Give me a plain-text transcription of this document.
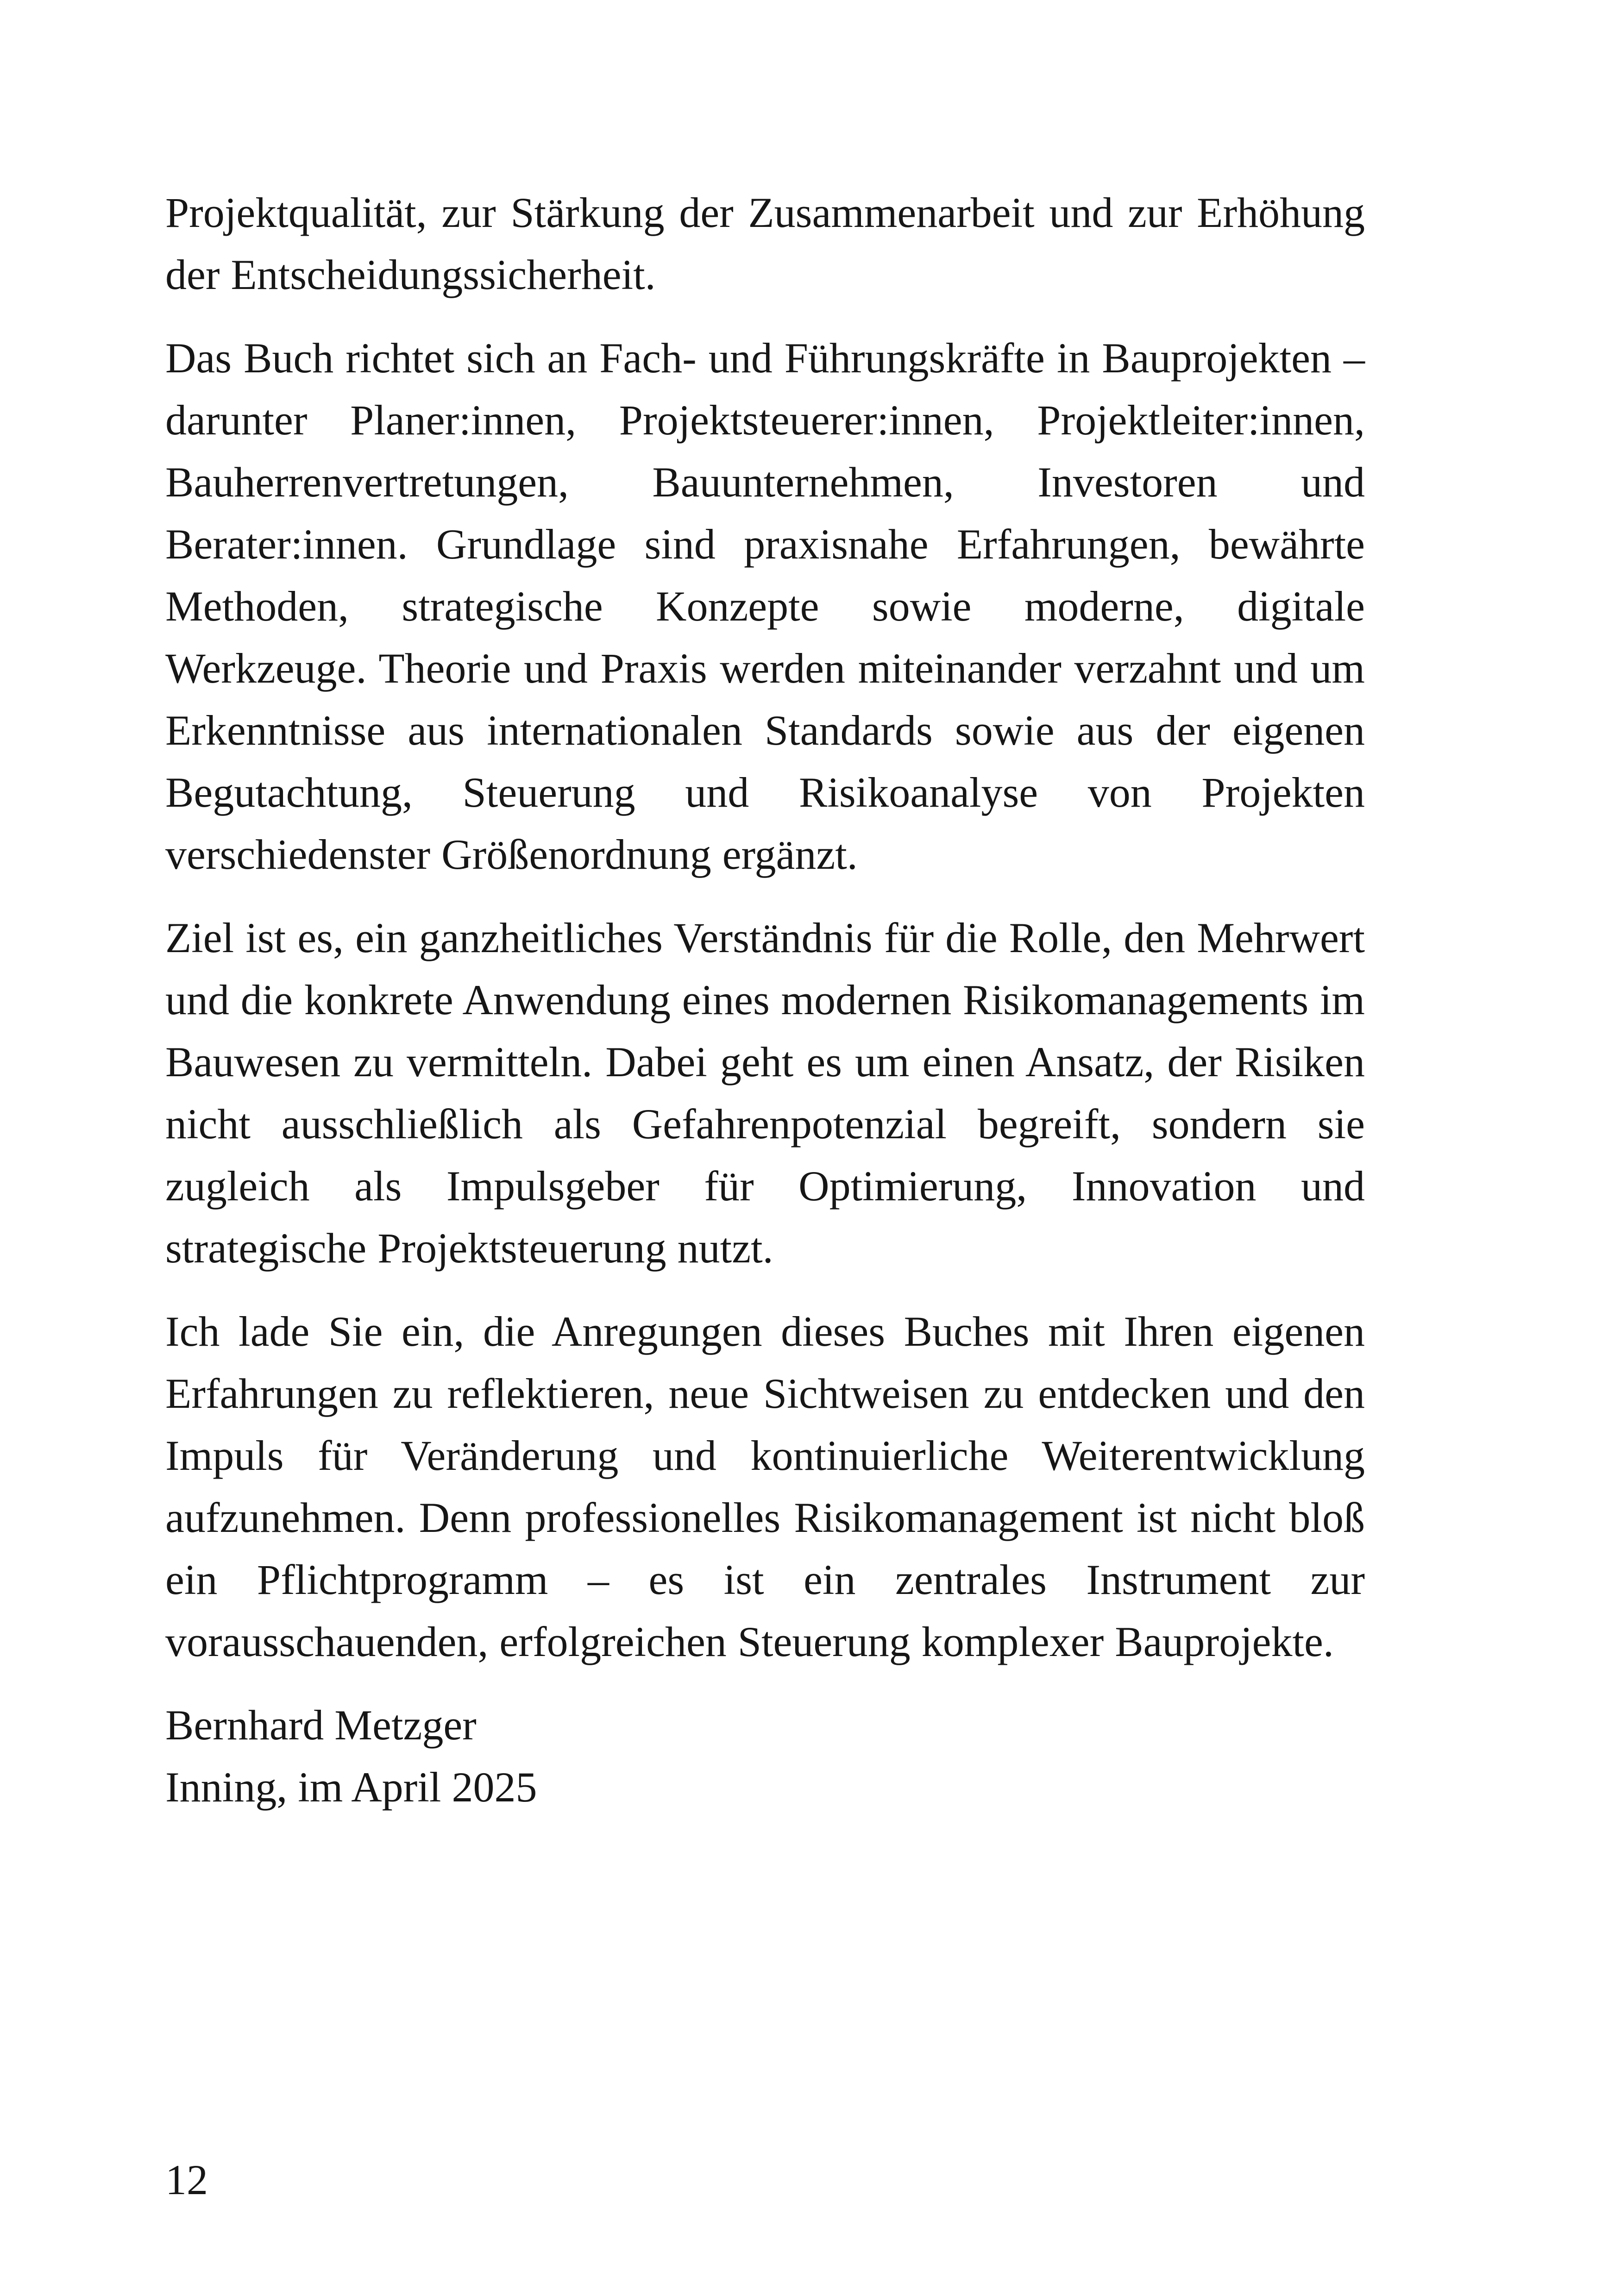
Projektqualität, zur Stärkung der Zusammenarbeit und zur Erhöhung der Entscheidungssicherheit.

Das Buch richtet sich an Fach- und Führungskräfte in Bauprojekten – darunter Planer:innen, Projektsteuerer:innen, Projektleiter:innen, Bauherrenvertretungen, Bauunternehmen, Investoren und Berater:innen. Grundlage sind praxisnahe Erfahrungen, bewährte Methoden, strategische Konzepte sowie moderne, digitale Werkzeuge. Theorie und Praxis werden miteinander verzahnt und um Erkenntnisse aus internationalen Standards sowie aus der eigenen Begutachtung, Steuerung und Risikoanalyse von Projekten verschiedenster Größenordnung ergänzt.

Ziel ist es, ein ganzheitliches Verständnis für die Rolle, den Mehrwert und die konkrete Anwendung eines modernen Risikomanagements im Bauwesen zu vermitteln. Dabei geht es um einen Ansatz, der Risiken nicht ausschließlich als Gefahrenpotenzial begreift, sondern sie zugleich als Impulsgeber für Optimierung, Innovation und strategische Projektsteuerung nutzt.

Ich lade Sie ein, die Anregungen dieses Buches mit Ihren eigenen Erfahrungen zu reflektieren, neue Sichtweisen zu entdecken und den Impuls für Veränderung und kontinuierliche Weiterentwicklung aufzunehmen. Denn professionelles Risikomanagement ist nicht bloß ein Pflichtprogramm – es ist ein zentrales Instrument zur vorausschauenden, erfolgreichen Steuerung komplexer Bauprojekte.

Bernhard Metzger
Inning, im April 2025
12
